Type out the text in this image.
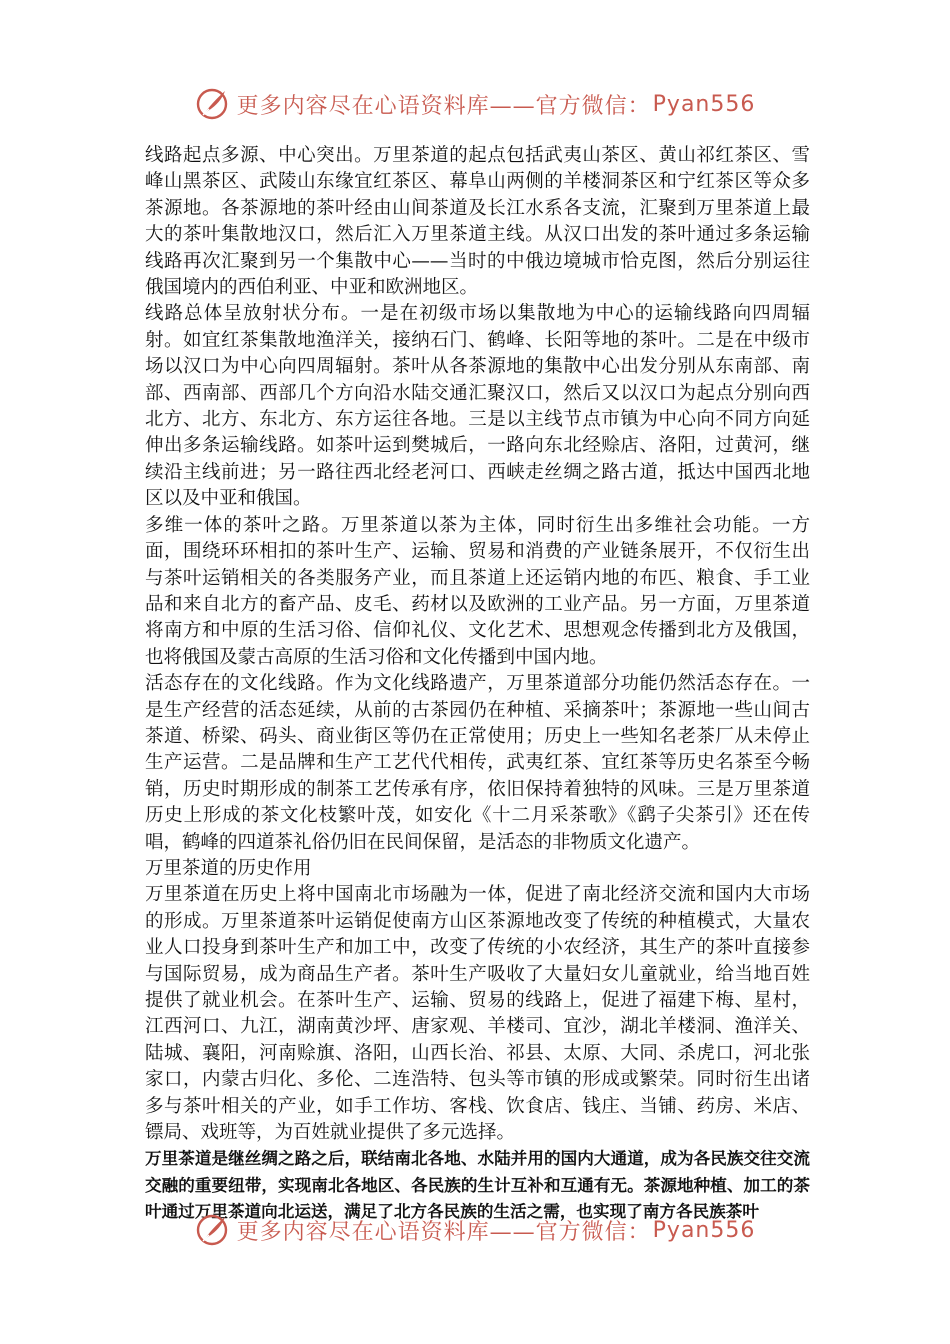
更多内容尽在心语资料库——官方微信： Pyan556

线路起点多源、中心突出。万里茶道的起点包括武夷山茶区、黄山祁红茶区、雪峰山黑茶区、武陵山东缘宜红茶区、幕阜山两侧的羊楼洞茶区和宁红茶区等众多茶源地。各茶源地的茶叶经由山间茶道及长江水系各支流，汇聚到万里茶道上最大的茶叶集散地汉口，然后汇入万里茶道主线。从汉口出发的茶叶通过多条运输线路再次汇聚到另一个集散中心——当时的中俄边境城市恰克图，然后分别运往俄国境内的西伯利亚、中亚和欧洲地区。

线路总体呈放射状分布。一是在初级市场以集散地为中心的运输线路向四周辐射。如宜红茶集散地渔洋关，接纳石门、鹤峰、长阳等地的茶叶。二是在中级市场以汉口为中心向四周辐射。茶叶从各茶源地的集散中心出发分别从东南部、南部、西南部、西部几个方向沿水陆交通汇聚汉口，然后又以汉口为起点分别向西北方、北方、东北方、东方运往各地。三是以主线节点市镇为中心向不同方向延伸出多条运输线路。如茶叶运到樊城后，一路向东北经赊店、洛阳，过黄河，继续沿主线前进；另一路往西北经老河口、西峡走丝绸之路古道，抵达中国西北地区以及中亚和俄国。

多维一体的茶叶之路。万里茶道以茶为主体，同时衍生出多维社会功能。一方面，围绕环环相扣的茶叶生产、运输、贸易和消费的产业链条展开，不仅衍生出与茶叶运销相关的各类服务产业，而且茶道上还运销内地的布匹、粮食、手工业品和来自北方的畜产品、皮毛、药材以及欧洲的工业产品。另一方面，万里茶道将南方和中原的生活习俗、信仰礼仪、文化艺术、思想观念传播到北方及俄国，也将俄国及蒙古高原的生活习俗和文化传播到中国内地。

活态存在的文化线路。作为文化线路遗产，万里茶道部分功能仍然活态存在。一是生产经营的活态延续，从前的古茶园仍在种植、采摘茶叶；茶源地一些山间古茶道、桥梁、码头、商业街区等仍在正常使用；历史上一些知名老茶厂从未停止生产运营。二是品牌和生产工艺代代相传，武夷红茶、宜红茶等历史名茶至今畅销，历史时期形成的制茶工艺传承有序，依旧保持着独特的风味。三是万里茶道历史上形成的茶文化枝繁叶茂，如安化《十二月采茶歌》《鹞子尖茶引》还在传唱，鹤峰的四道茶礼俗仍旧在民间保留，是活态的非物质文化遗产。

万里茶道的历史作用

万里茶道在历史上将中国南北市场融为一体，促进了南北经济交流和国内大市场的形成。万里茶道茶叶运销促使南方山区茶源地改变了传统的种植模式，大量农业人口投身到茶叶生产和加工中，改变了传统的小农经济，其生产的茶叶直接参与国际贸易，成为商品生产者。茶叶生产吸收了大量妇女儿童就业，给当地百姓提供了就业机会。在茶叶生产、运输、贸易的线路上，促进了福建下梅、星村，江西河口、九江，湖南黄沙坪、唐家观、羊楼司、宜沙，湖北羊楼洞、渔洋关、陆城、襄阳，河南赊旗、洛阳，山西长治、祁县、太原、大同、杀虎口，河北张家口，内蒙古归化、多伦、二连浩特、包头等市镇的形成或繁荣。同时衍生出诸多与茶叶相关的产业，如手工作坊、客栈、饮食店、钱庄、当铺、药房、米店、镖局、戏班等，为百姓就业提供了多元选择。

万里茶道是继丝绸之路之后，联结南北各地、水陆并用的国内大通道，成为各民族交往交流交融的重要纽带，实现南北各地区、各民族的生计互补和互通有无。茶源地种植、加工的茶叶通过万里茶道向北运送，满足了北方各民族的生活之需，也实现了南方各民族茶叶

更多内容尽在心语资料库——官方微信： Pyan556
